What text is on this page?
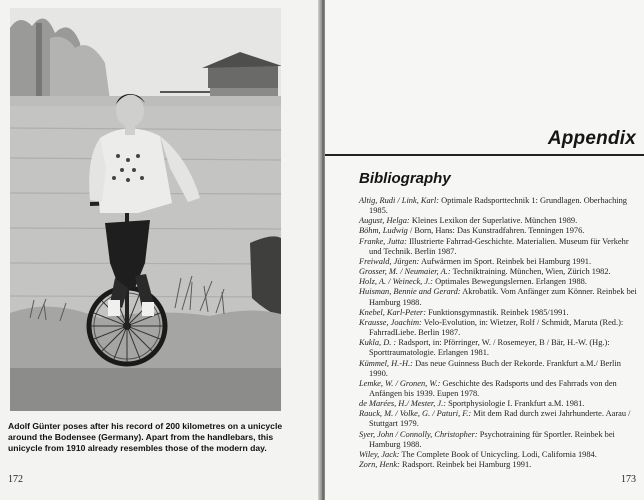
Adolf Günter poses after his record of 200 kilometres on a unicycle around the Bodensee (Germany). Apart from the handlebars, this unicycle from 1910 already resembles those of the modern day.
172
Appendix
Bibliography

Altig, Rudi / Link, Karl: Optimale Radsporttechnik 1: Grundlagen. Oberhaching 1985.

August, Helga: Kleines Lexikon der Superlative. München 1989.

Böhm, Ludwig / Born, Hans: Das Kunstradfahren. Tenningen 1976.

Franke, Jutta: Illustrierte Fahrrad-Geschichte. Materialien. Museum für Verkehr und Technik. Berlin 1987.

Freiwald, Jürgen: Aufwärmen im Sport. Reinbek bei Hamburg 1991.

Grosser, M. / Neumaier, A.: Techniktraining. München, Wien, Zürich 1982.

Holz, A. / Weineck, J.: Optimales Bewegungslernen. Erlangen 1988.

Huisman, Bennie and Gerard: Akrobatik. Vom Anfänger zum Könner. Reinbek bei Hamburg 1988.

Knebel, Karl-Peter: Funktionsgymnastik. Reinbek 1985/1991.

Krausse, Joachim: Velo-Evolution, in: Wietzer, Rolf / Schmidt, Maruta (Red.): FahrradLiebe. Berlin 1987.

Kukla, D. : Radsport, in: Pförringer, W. / Rosemeyer, B / Bär, H.-W. (Hg.): Sporttraumatologie. Erlangen 1981.

Kümmel, H.-H.: Das neue Guinness Buch der Rekorde. Frankfurt a.M./ Berlin 1990.

Lemke, W. / Gronen, W.: Geschichte des Radsports und des Fahrrads von den Anfängen bis 1939. Eupen 1978.

de Marées, H./ Mester, J.: Sportphysiologie I. Frankfurt a.M. 1981.

Rauck, M. / Volke, G. / Paturi, F.: Mit dem Rad durch zwei Jahrhunderte. Aarau / Stuttgart 1979.

Syer, John / Connolly, Christopher: Psychotraining für Sportler. Reinbek bei Hamburg 1988.

Wiley, Jack: The Complete Book of Unicycling. Lodi, California 1984.

Zorn, Henk: Radsport. Reinbek bei Hamburg 1991.

173
